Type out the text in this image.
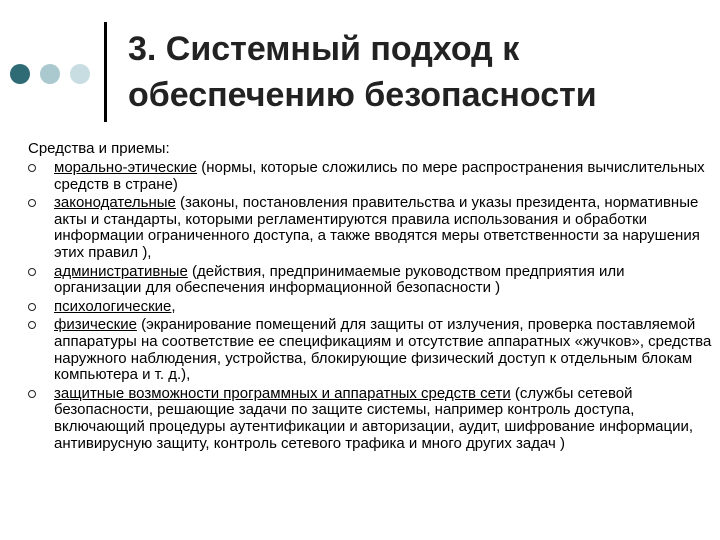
3. Системный подход к
обеспечению безопасности
Средства и приемы:
морально-этические (нормы, которые сложились по мере распространения вычислительных средств в стране)
законодательные (законы, постановления правительства и указы президента, нормативные акты и стандарты, которыми регламентируются правила использования и обработки информации ограниченного доступа, а также вводятся меры ответственности за нарушения этих правил ),
административные (действия, предпринимаемые руководством предприятия или организации для обеспечения информационной безопасности )
психологические,
физические (экранирование помещений для защиты от излучения, проверка поставляемой аппаратуры на соответствие ее спецификациям и отсутствие аппаратных «жучков», средства наружного наблюдения, устройства, блокирующие физический доступ к отдельным блокам компьютера и т. д.),
защитные возможности программных и аппаратных средств сети (службы сетевой безопасности, решающие задачи по защите системы, например контроль доступа, включающий процедуры аутентификации и авторизации, аудит, шифрование информации, антивирусную защиту, контроль сетевого трафика и много других задач )
